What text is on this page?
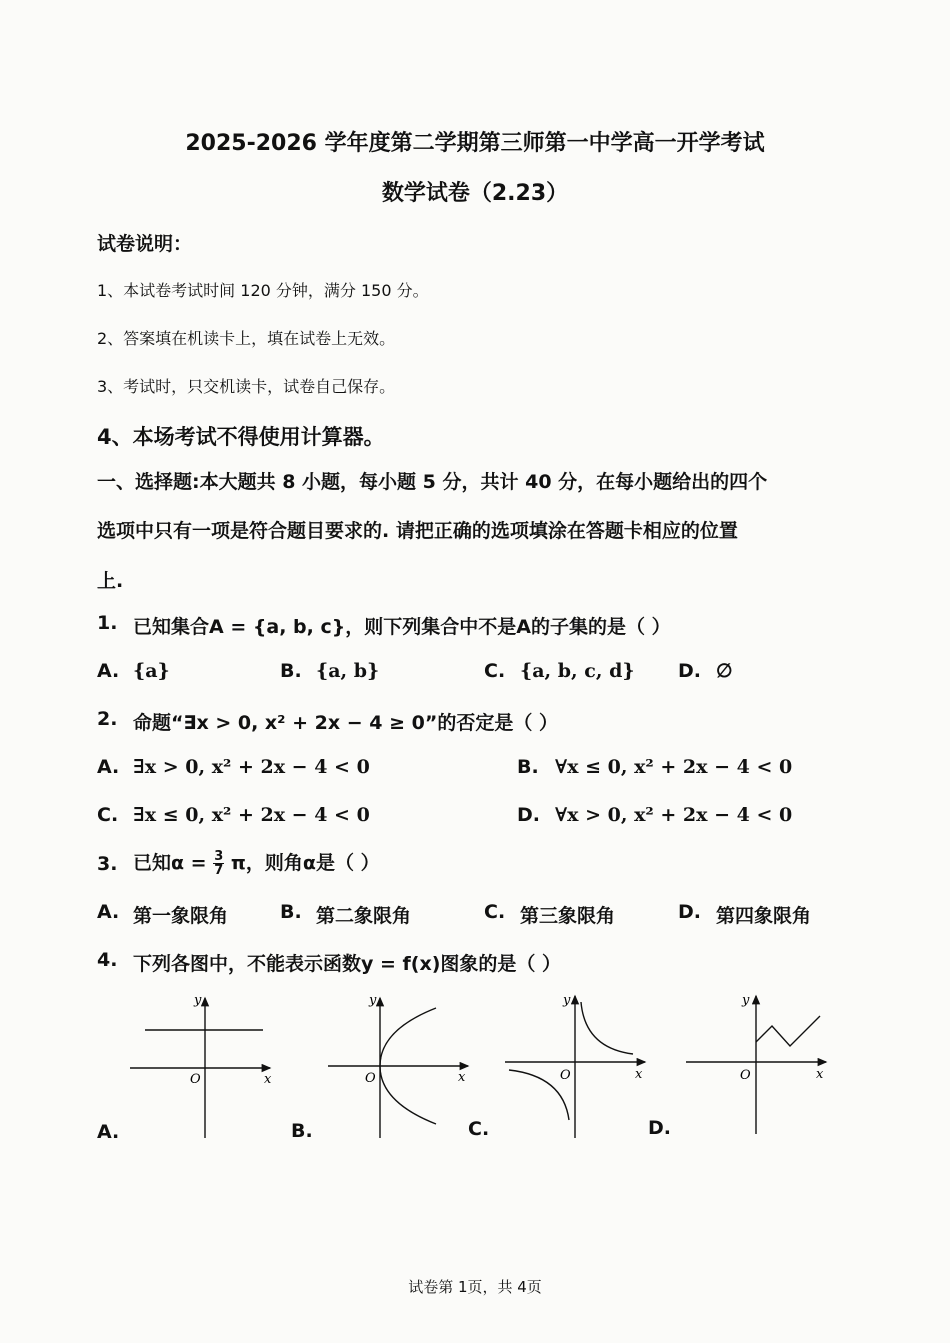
2025-2026 学年度第二学期第三师第一中学高一开学考试
数学试卷（2.23）
试卷说明：
1、本试卷考试时间 120 分钟，满分 150 分。
2、答案填在机读卡上，填在试卷上无效。
3、考试时，只交机读卡，试卷自己保存。
4、本场考试不得使用计算器。
一、选择题:本大题共 8 小题，每小题 5 分，共计 40 分，在每小题给出的四个
选项中只有一项是符合题目要求的. 请把正确的选项填涂在答题卡相应的位置
上.
1. 已知集合A = {a, b, c}，则下列集合中不是A的子集的是（ ）
A. {a}	B. {a, b}	C. {a, b, c, d} D. ∅
2. 命题“∃x > 0, x² + 2x − 4 ≥ 0”的否定是（ ）
A. ∃x > 0, x² + 2x − 4 < 0	B. ∀x ≤ 0, x² + 2x − 4 < 0
C. ∃x ≤ 0, x² + 2x − 4 < 0	D. ∀x > 0, x² + 2x − 4 < 0
3. 已知$\alpha = \frac{3}{7}$ π，则角α是（ ）
A. 第一象限角	B. 第二象限角	C. 第三象限角	D. 第四象限角
4. 下列各图中，不能表示函数y = f(x)图象的是（ ）
y
x
O
A.
y
x
O
B.
y
x
O
C.
y
x
O
D.
试卷第 1页，共 4页
